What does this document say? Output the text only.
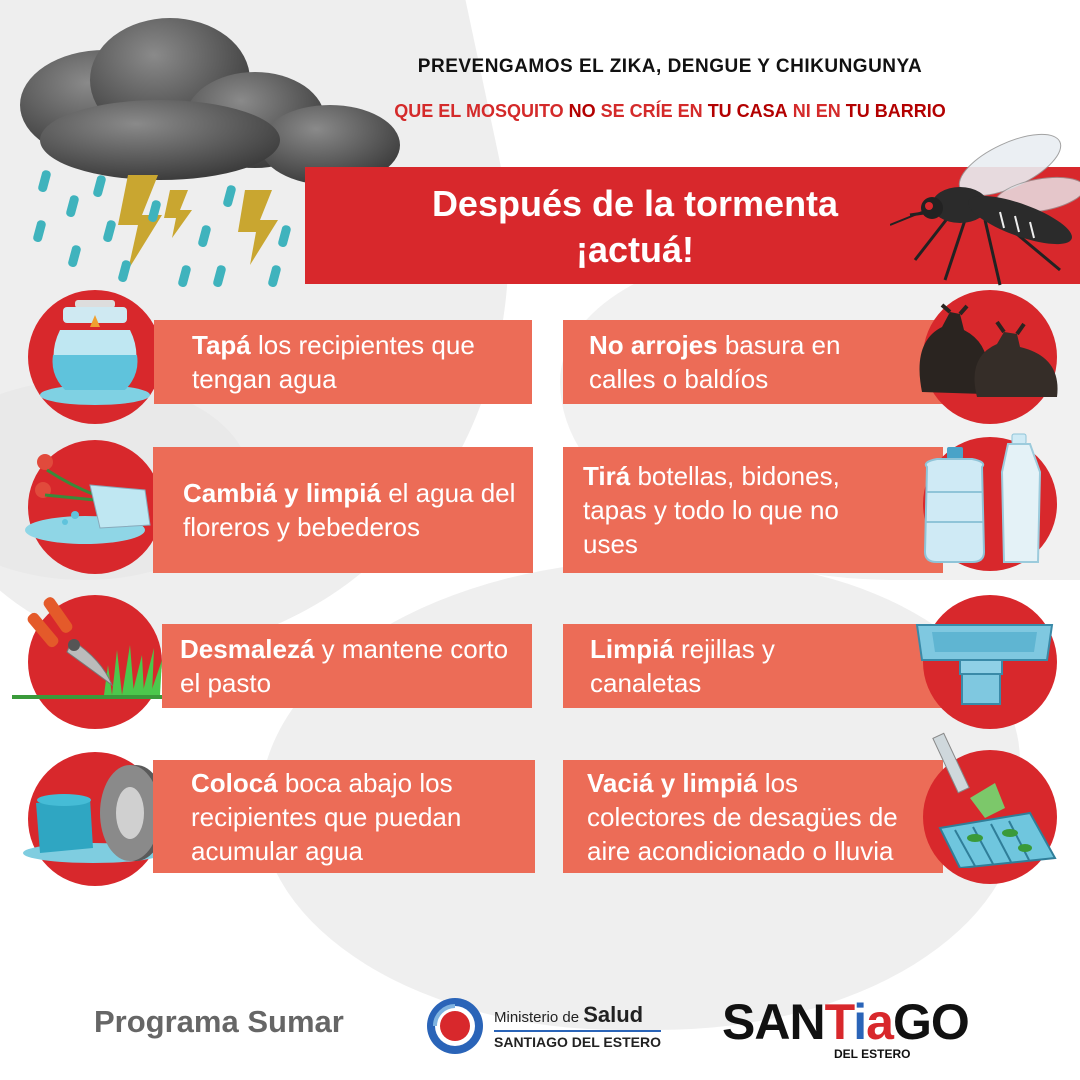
PREVENGAMOS EL ZIKA, DENGUE Y CHIKUNGUNYA
QUE EL MOSQUITO NO SE CRÍE EN TU CASA NI EN TU BARRIO
Después de la tormenta
¡actuá!
Tapá los recipientes que tengan agua
No arrojes basura en calles o baldíos
Cambiá y limpiá el agua del floreros y bebederos
Tirá botellas, bidones, tapas y todo lo que no uses
Desmalezá y mantene corto el pasto
Limpiá rejillas y canaletas
Colocá boca abajo los recipientes que puedan acumular agua
Vaciá y limpiá los colectores de desagües de aire acondicionado o lluvia
Programa Sumar	Ministerio de Salud
SANTIAGO DEL ESTERO SANTiaGO
DEL ESTERO
